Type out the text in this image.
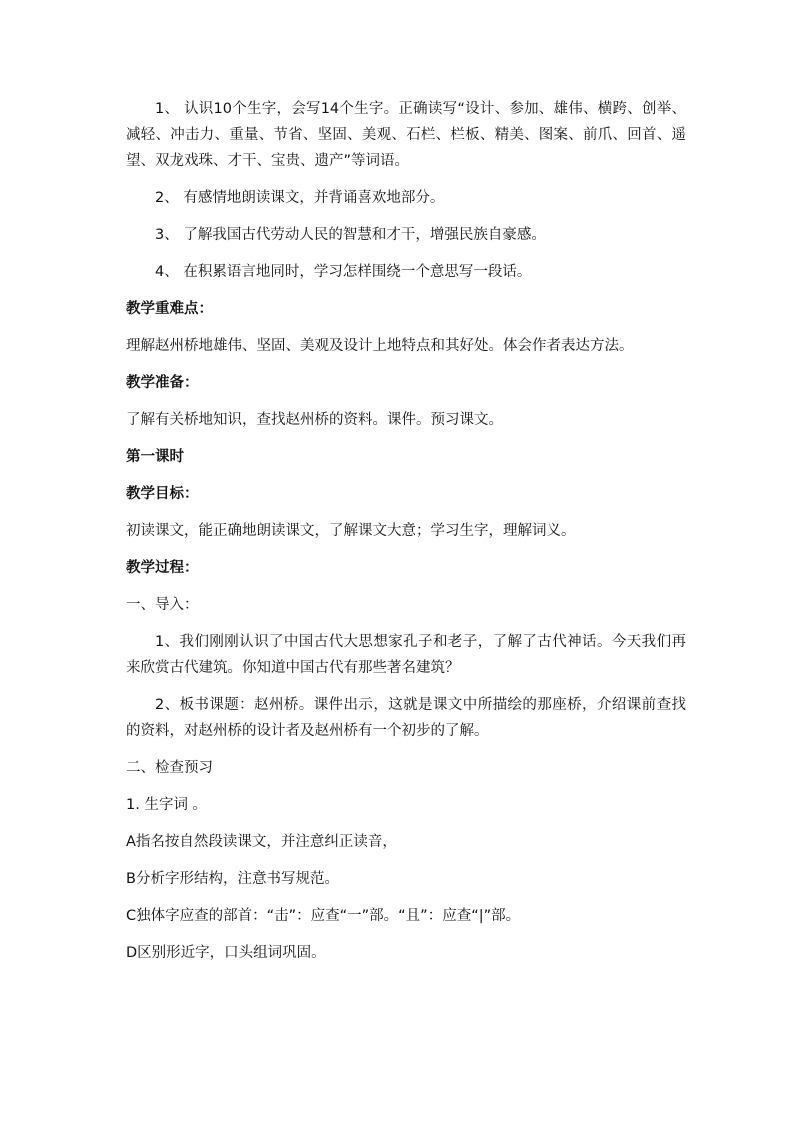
1、 认识10个生字，会写14个生字。正确读写“设计、参加、雄伟、横跨、创举、减轻、冲击力、重量、节省、坚固、美观、石栏、栏板、精美、图案、前爪、回首、遥望、双龙戏珠、才干、宝贵、遗产”等词语。

2、 有感情地朗读课文，并背诵喜欢地部分。

3、 了解我国古代劳动人民的智慧和才干，增强民族自豪感。

4、 在积累语言地同时，学习怎样围绕一个意思写一段话。

教学重难点：

理解赵州桥地雄伟、坚固、美观及设计上地特点和其好处。体会作者表达方法。

教学准备：

了解有关桥地知识，查找赵州桥的资料。课件。预习课文。

第一课时

教学目标：

初读课文，能正确地朗读课文，了解课文大意；学习生字，理解词义。

教学过程：

一、导入：

1、我们刚刚认识了中国古代大思想家孔子和老子，了解了古代神话。今天我们再来欣赏古代建筑。你知道中国古代有那些著名建筑？

2、板书课题：赵州桥。课件出示，这就是课文中所描绘的那座桥，介绍课前查找的资料，对赵州桥的设计者及赵州桥有一个初步的了解。

二、检查预习

1. 生字词 。

A指名按自然段读课文，并注意纠正读音，

B分析字形结构，注意书写规范。

C独体字应查的部首：“击”：应查“一”部。“且”：应查“|”部。

D区别形近字，口头组词巩固。
